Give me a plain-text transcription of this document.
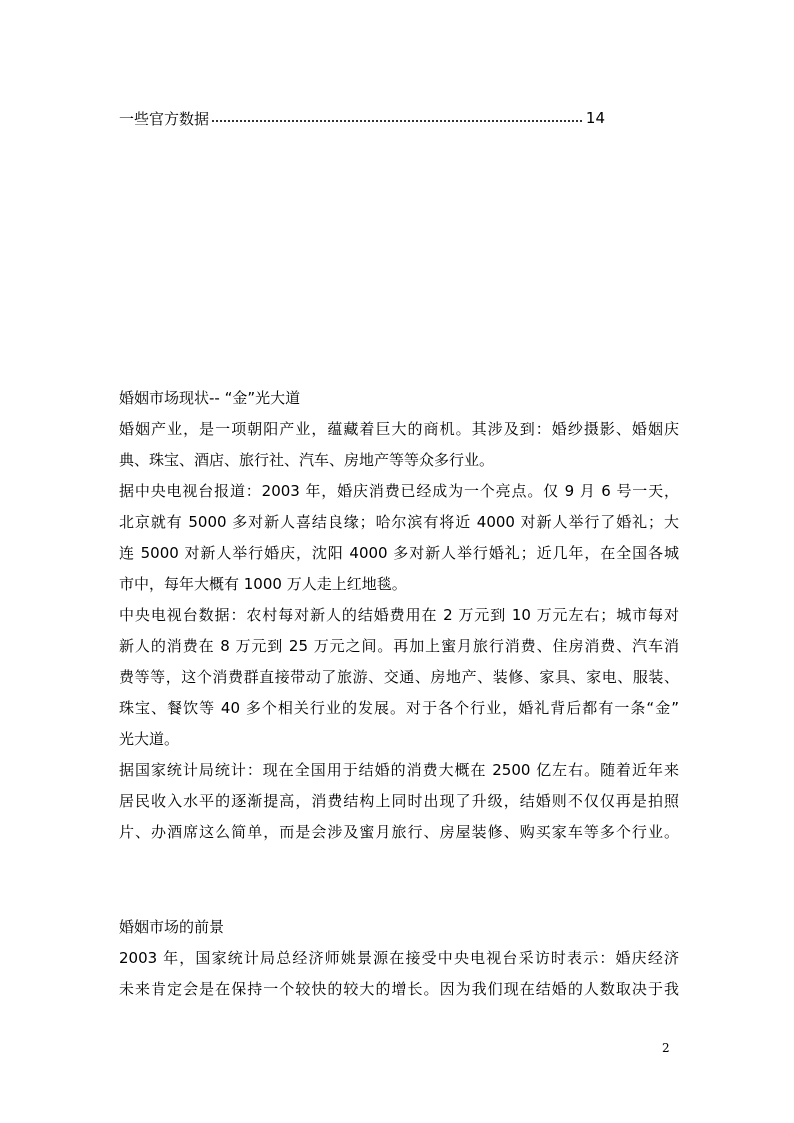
一些官方数据	14
婚姻市场现状-- “金”光大道
婚姻产业，是一项朝阳产业，蕴藏着巨大的商机。其涉及到：婚纱摄影、婚姻庆
典、珠宝、酒店、旅行社、汽车、房地产等等众多行业。
据中央电视台报道：2003 年，婚庆消费已经成为一个亮点。仅 9 月 6 号一天，
北京就有 5000 多对新人喜结良缘；哈尔滨有将近 4000 对新人举行了婚礼；大
连 5000 对新人举行婚庆，沈阳 4000 多对新人举行婚礼；近几年，在全国各城
市中，每年大概有 1000 万人走上红地毯。
中央电视台数据：农村每对新人的结婚费用在 2 万元到 10 万元左右；城市每对
新人的消费在 8 万元到 25 万元之间。再加上蜜月旅行消费、住房消费、汽车消
费等等，这个消费群直接带动了旅游、交通、房地产、装修、家具、家电、服装、
珠宝、餐饮等 40 多个相关行业的发展。对于各个行业，婚礼背后都有一条“金”
光大道。
据国家统计局统计：现在全国用于结婚的消费大概在 2500 亿左右。随着近年来
居民收入水平的逐渐提高，消费结构上同时出现了升级，结婚则不仅仅再是拍照
片、办酒席这么简单，而是会涉及蜜月旅行、房屋装修、购买家车等多个行业。
婚姻市场的前景
2003 年，国家统计局总经济师姚景源在接受中央电视台采访时表示：婚庆经济
未来肯定会是在保持一个较快的较大的增长。因为我们现在结婚的人数取决于我
2
